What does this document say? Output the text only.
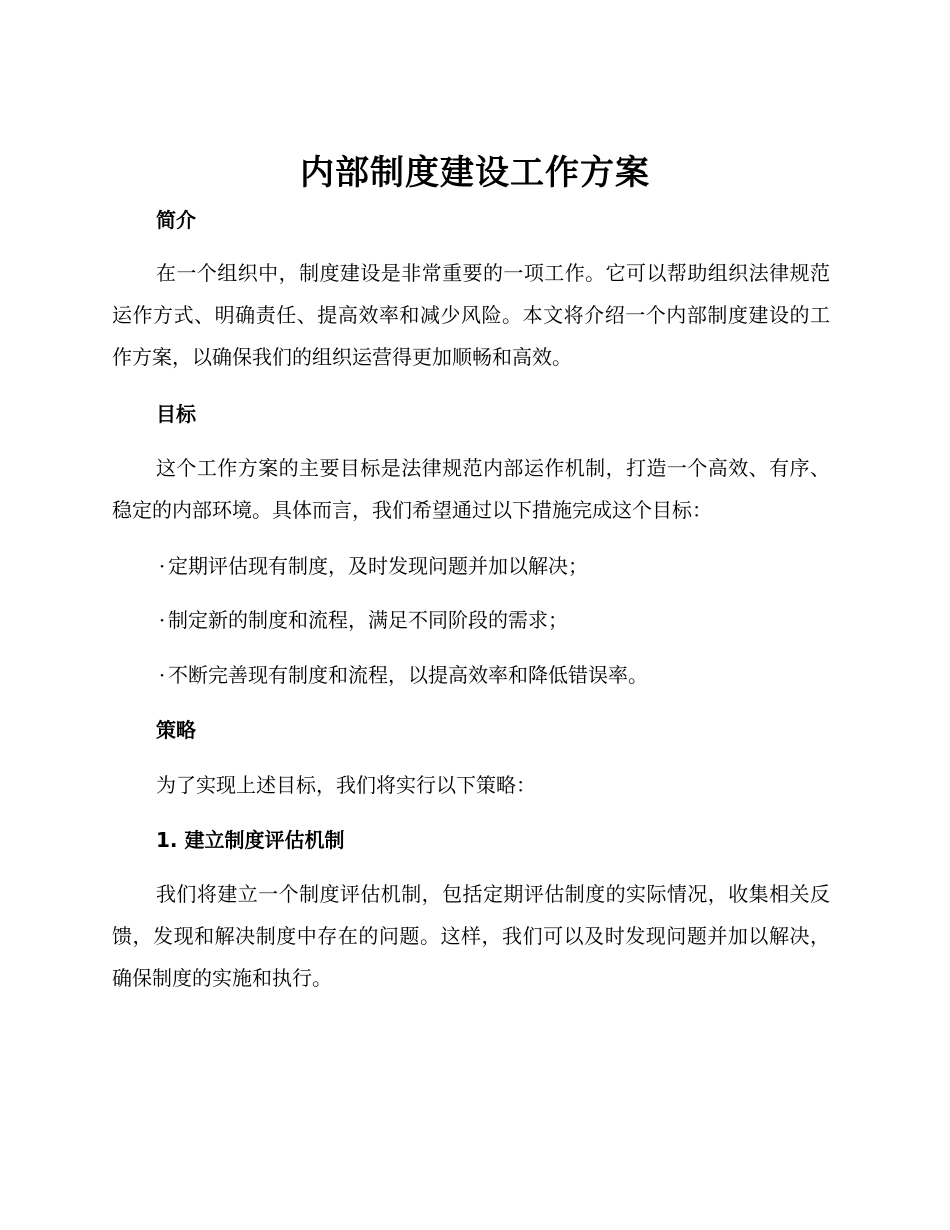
内部制度建设工作方案
简介

在一个组织中，制度建设是非常重要的一项工作。它可以帮助组织法律规范运作方式、明确责任、提高效率和减少风险。本文将介绍一个内部制度建设的工作方案，以确保我们的组织运营得更加顺畅和高效。

目标

这个工作方案的主要目标是法律规范内部运作机制，打造一个高效、有序、稳定的内部环境。具体而言，我们希望通过以下措施完成这个目标：

· 定期评估现有制度，及时发现问题并加以解决；

· 制定新的制度和流程，满足不同阶段的需求；

· 不断完善现有制度和流程，以提高效率和降低错误率。

策略

为了实现上述目标，我们将实行以下策略：

1. 建立制度评估机制

我们将建立一个制度评估机制，包括定期评估制度的实际情况，收集相关反馈，发现和解决制度中存在的问题。这样，我们可以及时发现问题并加以解决，确保制度的实施和执行。
